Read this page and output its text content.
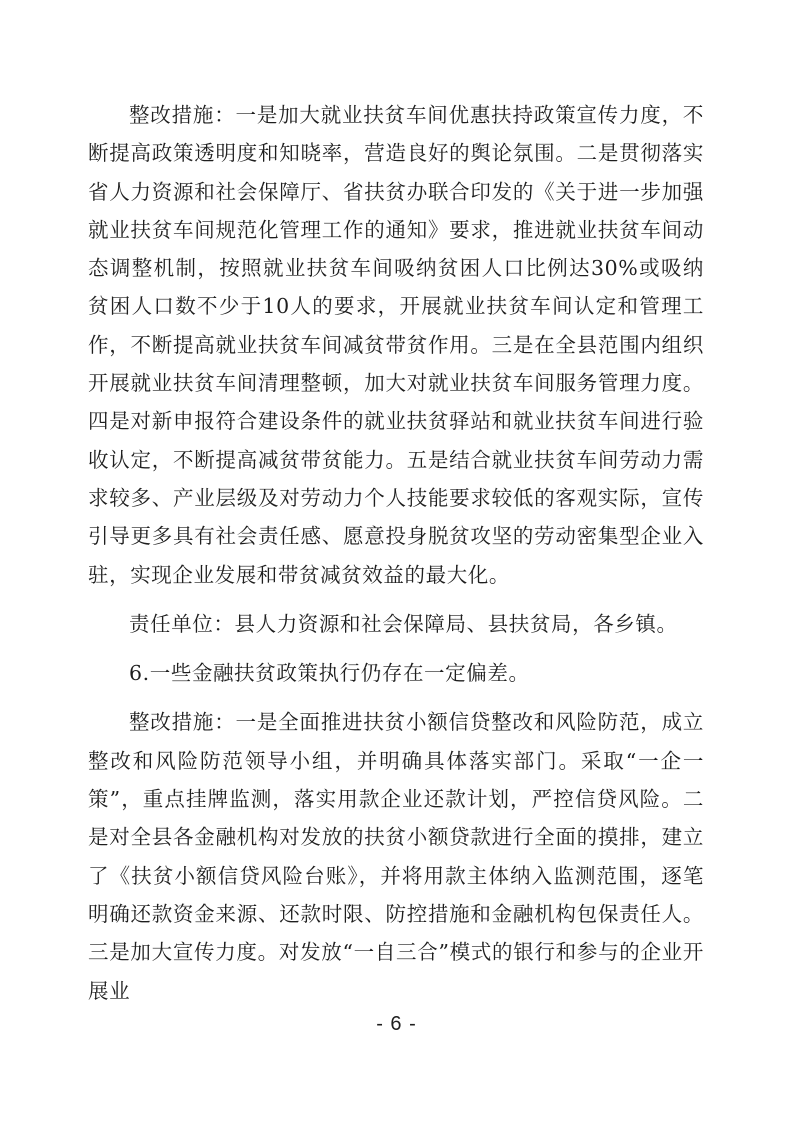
整改措施：一是加大就业扶贫车间优惠扶持政策宣传力度，不断提高政策透明度和知晓率，营造良好的舆论氛围。二是贯彻落实省人力资源和社会保障厅、省扶贫办联合印发的《关于进一步加强就业扶贫车间规范化管理工作的通知》要求，推进就业扶贫车间动态调整机制，按照就业扶贫车间吸纳贫困人口比例达30%或吸纳贫困人口数不少于10人的要求，开展就业扶贫车间认定和管理工作，不断提高就业扶贫车间减贫带贫作用。三是在全县范围内组织开展就业扶贫车间清理整顿，加大对就业扶贫车间服务管理力度。四是对新申报符合建设条件的就业扶贫驿站和就业扶贫车间进行验收认定，不断提高减贫带贫能力。五是结合就业扶贫车间劳动力需求较多、产业层级及对劳动力个人技能要求较低的客观实际，宣传引导更多具有社会责任感、愿意投身脱贫攻坚的劳动密集型企业入驻，实现企业发展和带贫减贫效益的最大化。

责任单位：县人力资源和社会保障局、县扶贫局，各乡镇。

6.一些金融扶贫政策执行仍存在一定偏差。

整改措施：一是全面推进扶贫小额信贷整改和风险防范，成立整改和风险防范领导小组，并明确具体落实部门。采取“一企一策”，重点挂牌监测，落实用款企业还款计划，严控信贷风险。二是对全县各金融机构对发放的扶贫小额贷款进行全面的摸排，建立了《扶贫小额信贷风险台账》，并将用款主体纳入监测范围，逐笔明确还款资金来源、还款时限、防控措施和金融机构包保责任人。三是加大宣传力度。对发放“一自三合”模式的银行和参与的企业开展业

- 6 -
